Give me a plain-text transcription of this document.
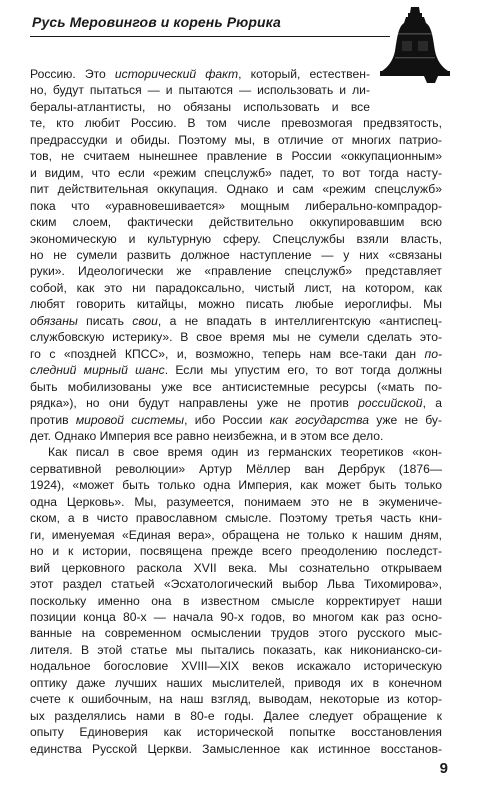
Русь Меровингов и корень Рюрика
Россию. Это исторический факт, который, естествен-
но, будут пытаться — и пытаются — использовать и ли-
бералы-атлантисты, но обязаны использовать и все
те, кто любит Россию. В том числе превозмогая предвзятость,
предрассудки и обиды. Поэтому мы, в отличие от многих патрио-
тов, не считаем нынешнее правление в России «оккупационным»
и видим, что если «режим спецслужб» падет, то вот тогда насту-
пит действительная оккупация. Однако и сам «режим спецслужб»
пока что «уравновешивается» мощным либерально-компрадор-
ским слоем, фактически действительно оккупировавшим всю
экономическую и культурную сферу. Спецслужбы взяли власть,
но не сумели развить должное наступление — у них «связаны
руки». Идеологически же «правление спецслужб» представляет
собой, как это ни парадоксально, чистый лист, на котором, как
любят говорить китайцы, можно писать любые иероглифы. Мы
обязаны писать свои, а не впадать в интеллигентскую «антиспец-
службовскую истерику». В свое время мы не сумели сделать это-
го с «поздней КПСС», и, возможно, теперь нам все-таки дан по-
следний мирный шанс. Если мы упустим его, то вот тогда должны
быть мобилизованы уже все антисистемные ресурсы («мать по-
рядка»), но они будут направлены уже не против российской, а
против мировой системы, ибо России как государства уже не бу-
дет. Однако Империя все равно неизбежна, и в этом все дело.
Как писал в свое время один из германских теоретиков «кон-
сервативной революции» Артур Мёллер ван Дербрук (1876—
1924), «может быть только одна Империя, как может быть только
одна Церковь». Мы, разумеется, понимаем это не в экумениче-
ском, а в чисто православном смысле. Поэтому третья часть кни-
ги, именуемая «Единая вера», обращена не только к нашим дням,
но и к истории, посвящена прежде всего преодолению последст-
вий церковного раскола XVII века. Мы сознательно открываем
этот раздел статьей «Эсхатологический выбор Льва Тихомирова»,
поскольку именно она в известном смысле корректирует наши
позиции конца 80-х — начала 90-х годов, во многом как раз осно-
ванные на современном осмыслении трудов этого русского мыс-
лителя. В этой статье мы пытались показать, как никонианско-си-
нодальное богословие XVIII—XIX веков искажало историческую
оптику даже лучших наших мыслителей, приводя их в конечном
счете к ошибочным, на наш взгляд, выводам, некоторые из котор-
ых разделялись нами в 80-е годы. Далее следует обращение к
опыту Единоверия как исторической попытке восстановления
единства Русской Церкви. Замысленное как истинное восстанов-
9
